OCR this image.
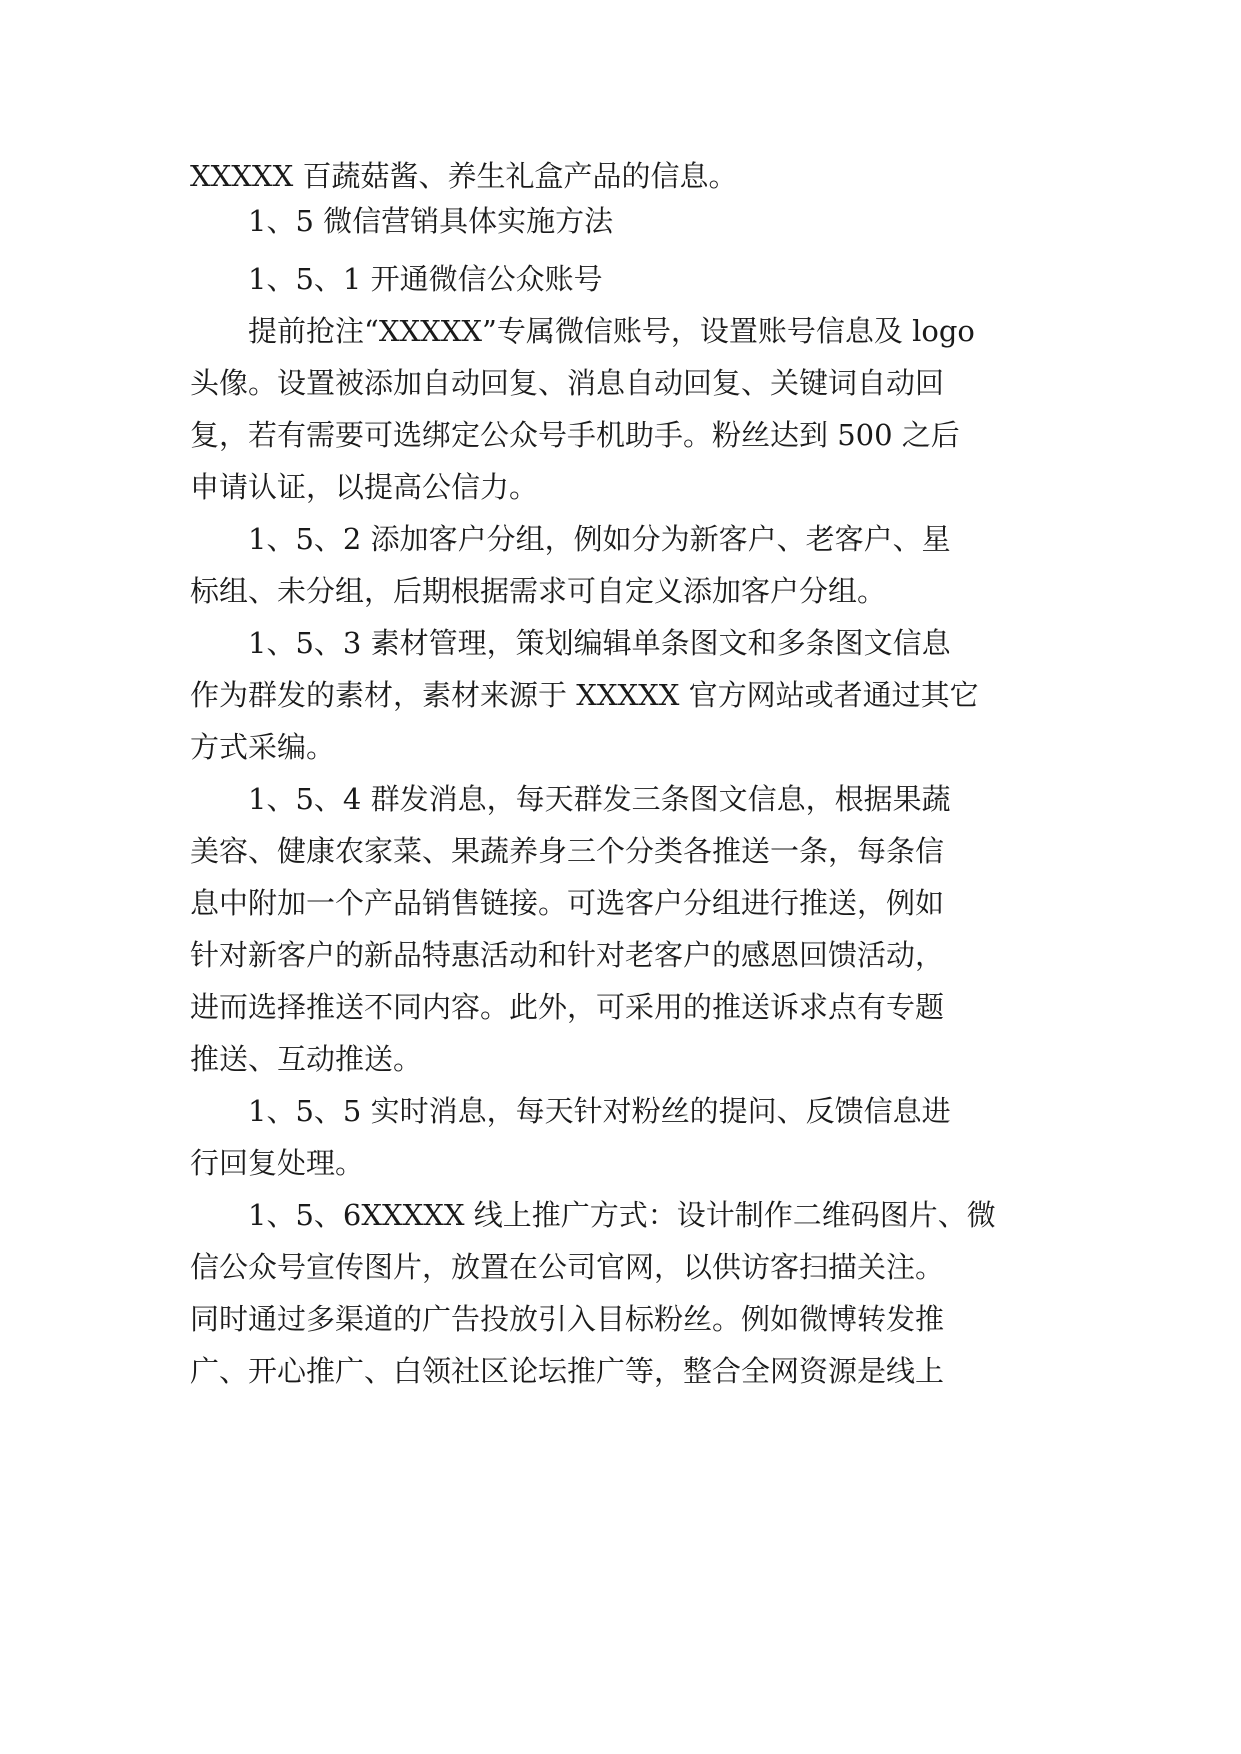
XXXXX 百蔬菇酱、养生礼盒产品的信息。
1、5 微信营销具体实施方法
1、5、1 开通微信公众账号
提前抢注“XXXXX”专属微信账号，设置账号信息及 logo
头像。设置被添加自动回复、消息自动回复、关键词自动回
复，若有需要可选绑定公众号手机助手。粉丝达到 500 之后
申请认证，以提高公信力。
1、5、2 添加客户分组，例如分为新客户、老客户、星
标组、未分组，后期根据需求可自定义添加客户分组。
1、5、3 素材管理，策划编辑单条图文和多条图文信息
作为群发的素材，素材来源于 XXXXX 官方网站或者通过其它
方式采编。
1、5、4 群发消息，每天群发三条图文信息，根据果蔬
美容、健康农家菜、果蔬养身三个分类各推送一条，每条信
息中附加一个产品销售链接。可选客户分组进行推送，例如
针对新客户的新品特惠活动和针对老客户的感恩回馈活动，
进而选择推送不同内容。此外，可采用的推送诉求点有专题
推送、互动推送。
1、5、5 实时消息，每天针对粉丝的提问、反馈信息进
行回复处理。
1、5、6XXXXX 线上推广方式：设计制作二维码图片、微
信公众号宣传图片，放置在公司官网，以供访客扫描关注。
同时通过多渠道的广告投放引入目标粉丝。例如微博转发推
广、开心推广、白领社区论坛推广等，整合全网资源是线上
